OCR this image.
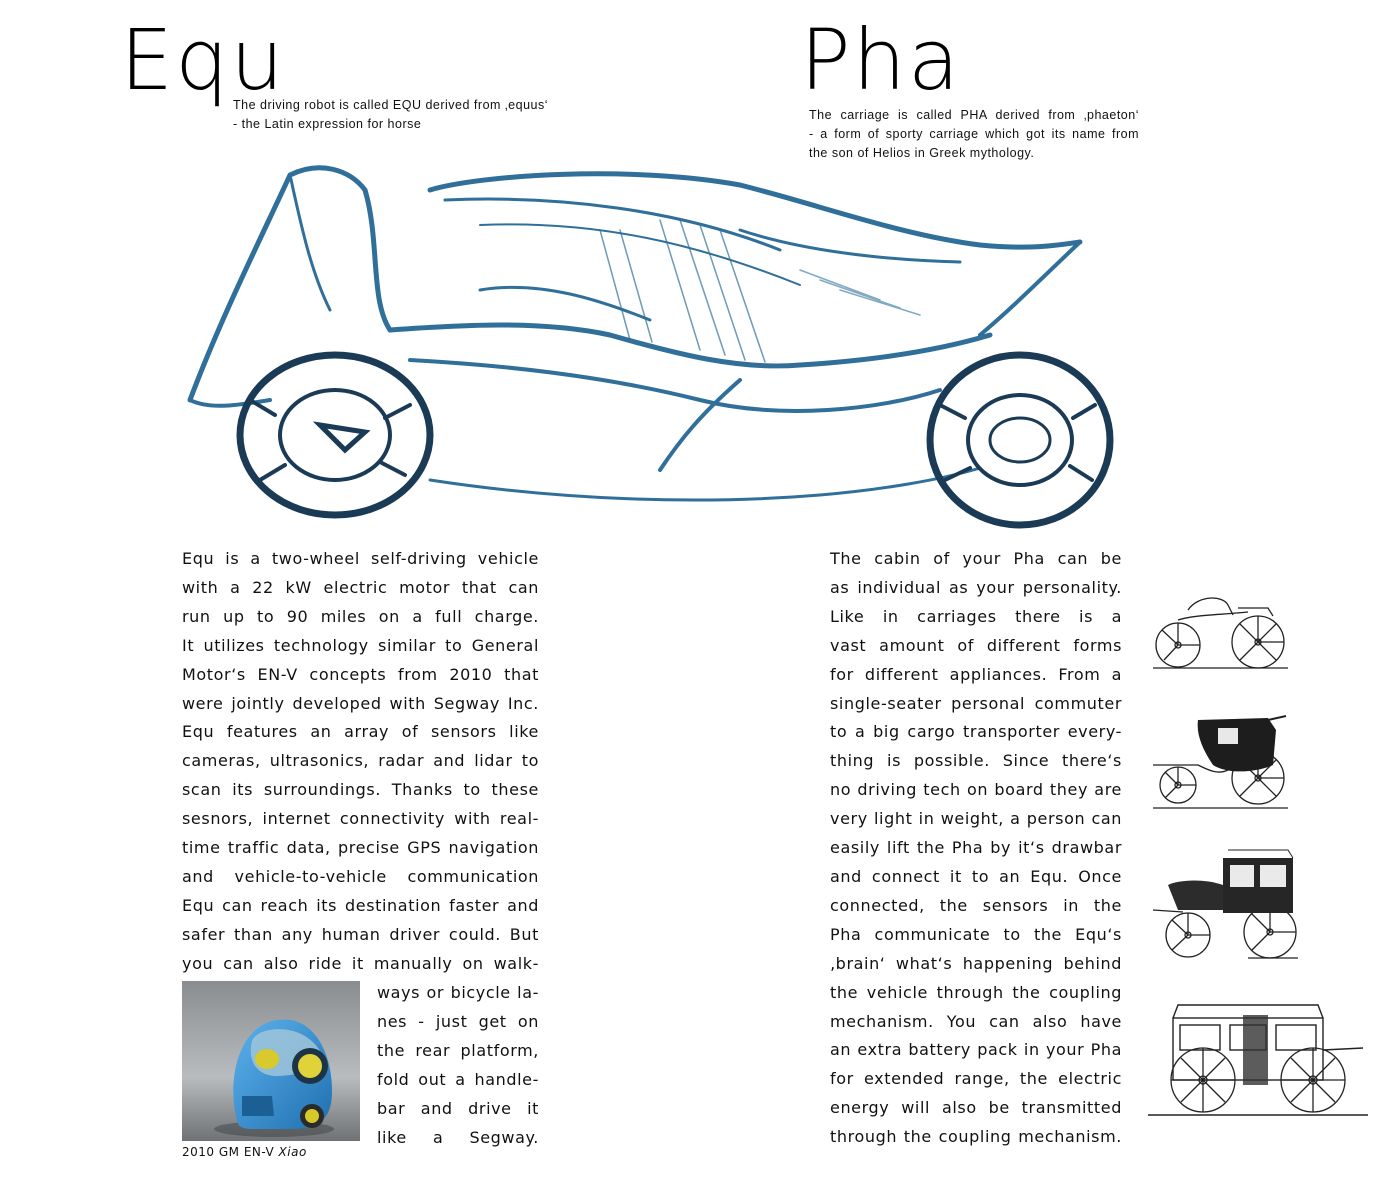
Equ
The driving robot is called EQU derived from ‚equus‘
- the Latin expression for horse
Pha
The carriage is called PHA derived from ‚phaeton‘
- a form of sporty carriage which got its name from
the son of Helios in Greek mythology.
Equ is a two-wheel self-driving vehicle
with a 22 kW electric motor that can
run up to 90 miles on a full charge.
It utilizes technology similar to General
Motor‘s EN-V concepts from 2010 that
were jointly developed with Segway Inc.
Equ features an array of sensors like
cameras, ultrasonics, radar and lidar to
scan its surroundings. Thanks to these
sesnors, internet connectivity with real-
time traffic data, precise GPS navigation
and vehicle-to-vehicle communication
Equ can reach its destination faster and
safer than any human driver could. But
you can also ride it manually on walk-
ways or bicycle la-
nes - just get on
the rear platform,
fold out a handle-
bar and drive it
like a Segway.
2010 GM EN-V Xiao
The cabin of your Pha can be
as individual as your personality.
Like in carriages there is a
vast amount of different forms
for different appliances. From a
single-seater personal commuter
to a big cargo transporter every-
thing is possible. Since there‘s
no driving tech on board they are
very light in weight, a person can
easily lift the Pha by it‘s drawbar
and connect it to an Equ. Once
connected, the sensors in the
Pha communicate to the Equ‘s
‚brain‘ what‘s happening behind
the vehicle through the coupling
mechanism. You can also have
an extra battery pack in your Pha
for extended range, the electric
energy will also be transmitted
through the coupling mechanism.
